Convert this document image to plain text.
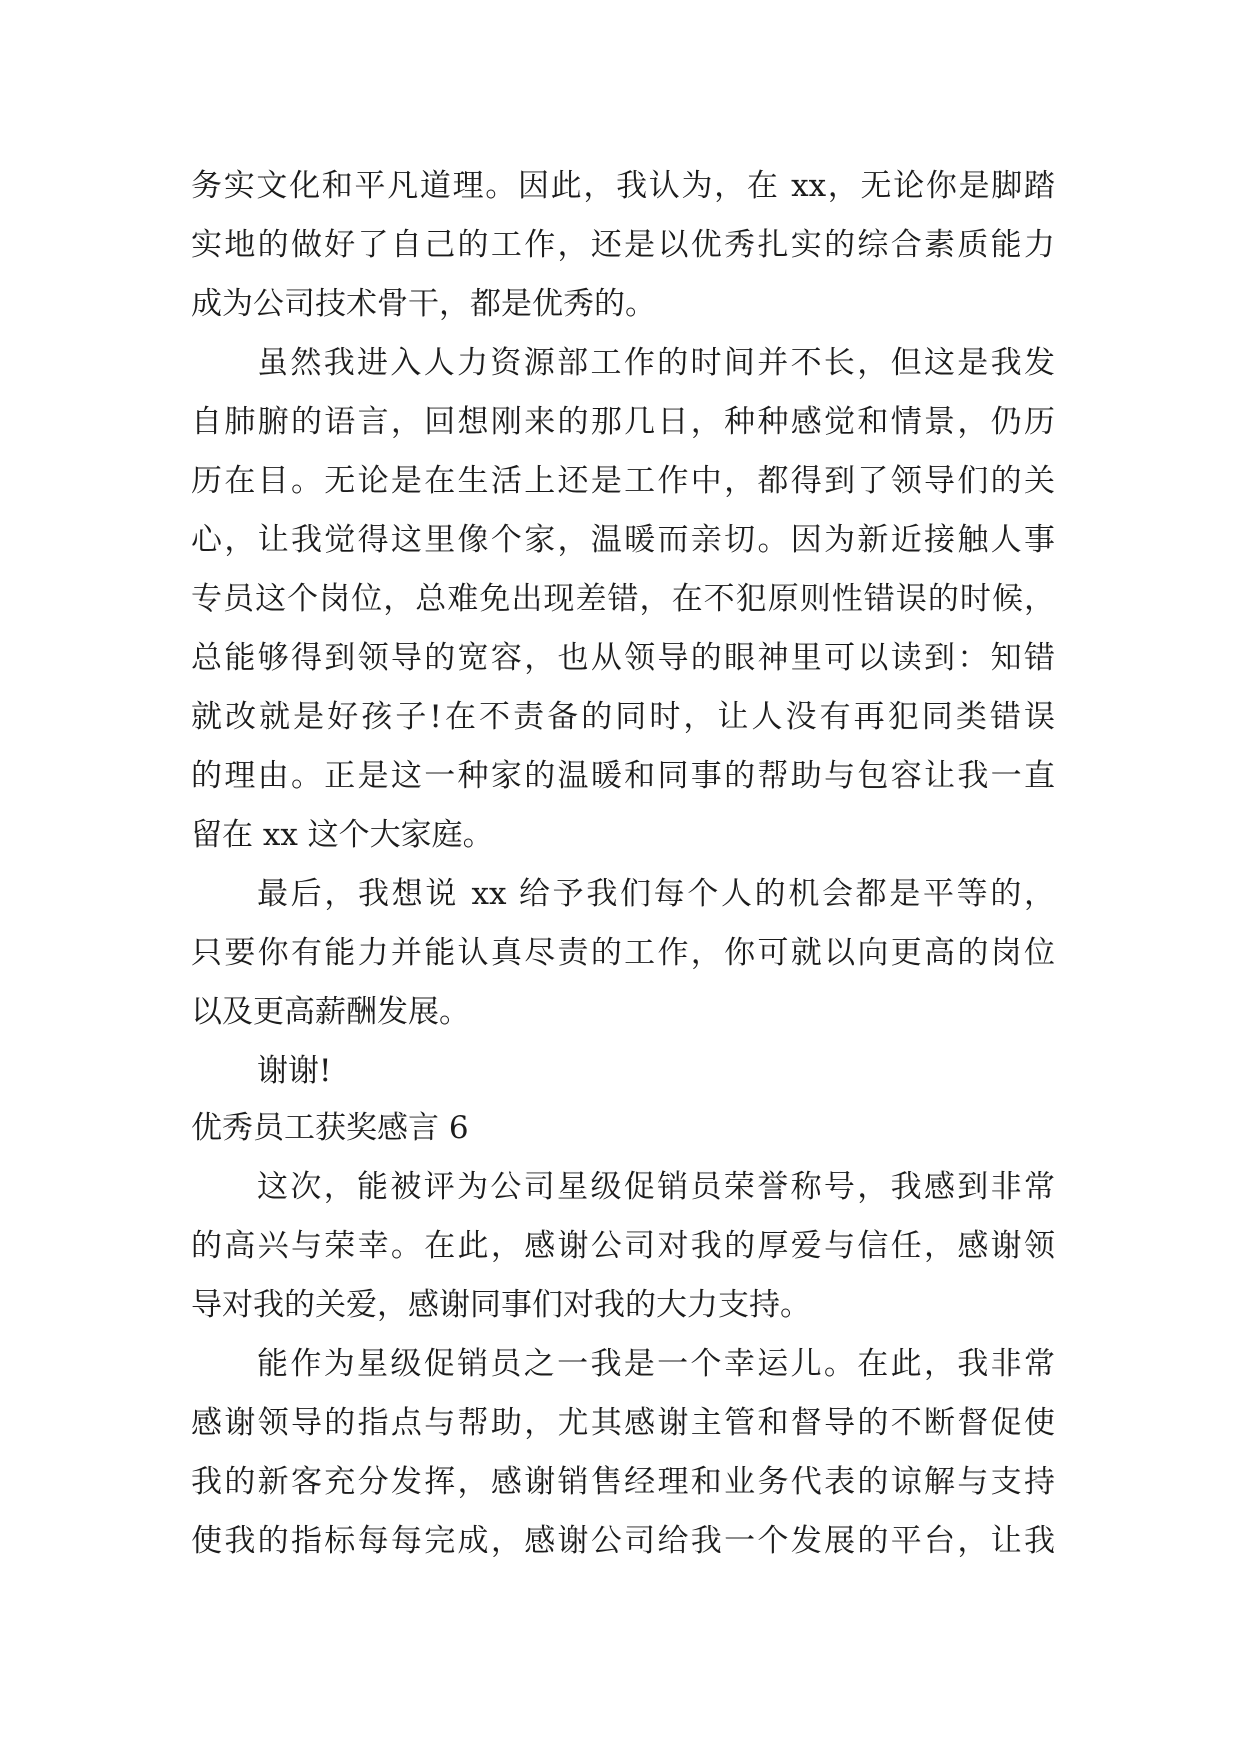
务实文化和平凡道理。因此，我认为，在 xx，无论你是脚踏
实地的做好了自己的工作，还是以优秀扎实的综合素质能力
成为公司技术骨干，都是优秀的。
虽然我进入人力资源部工作的时间并不长，但这是我发
自肺腑的语言，回想刚来的那几日，种种感觉和情景，仍历
历在目。无论是在生活上还是工作中，都得到了领导们的关
心，让我觉得这里像个家，温暖而亲切。因为新近接触人事
专员这个岗位，总难免出现差错，在不犯原则性错误的时候，
总能够得到领导的宽容，也从领导的眼神里可以读到：知错
就改就是好孩子!在不责备的同时，让人没有再犯同类错误
的理由。正是这一种家的温暖和同事的帮助与包容让我一直
留在 xx 这个大家庭。
最后，我想说 xx 给予我们每个人的机会都是平等的，
只要你有能力并能认真尽责的工作，你可就以向更高的岗位
以及更高薪酬发展。
谢谢!
优秀员工获奖感言 6
这次，能被评为公司星级促销员荣誉称号，我感到非常
的高兴与荣幸。在此，感谢公司对我的厚爱与信任，感谢领
导对我的关爱，感谢同事们对我的大力支持。
能作为星级促销员之一我是一个幸运儿。在此，我非常
感谢领导的指点与帮助，尤其感谢主管和督导的不断督促使
我的新客充分发挥，感谢销售经理和业务代表的谅解与支持
使我的指标每每完成，感谢公司给我一个发展的平台，让我
